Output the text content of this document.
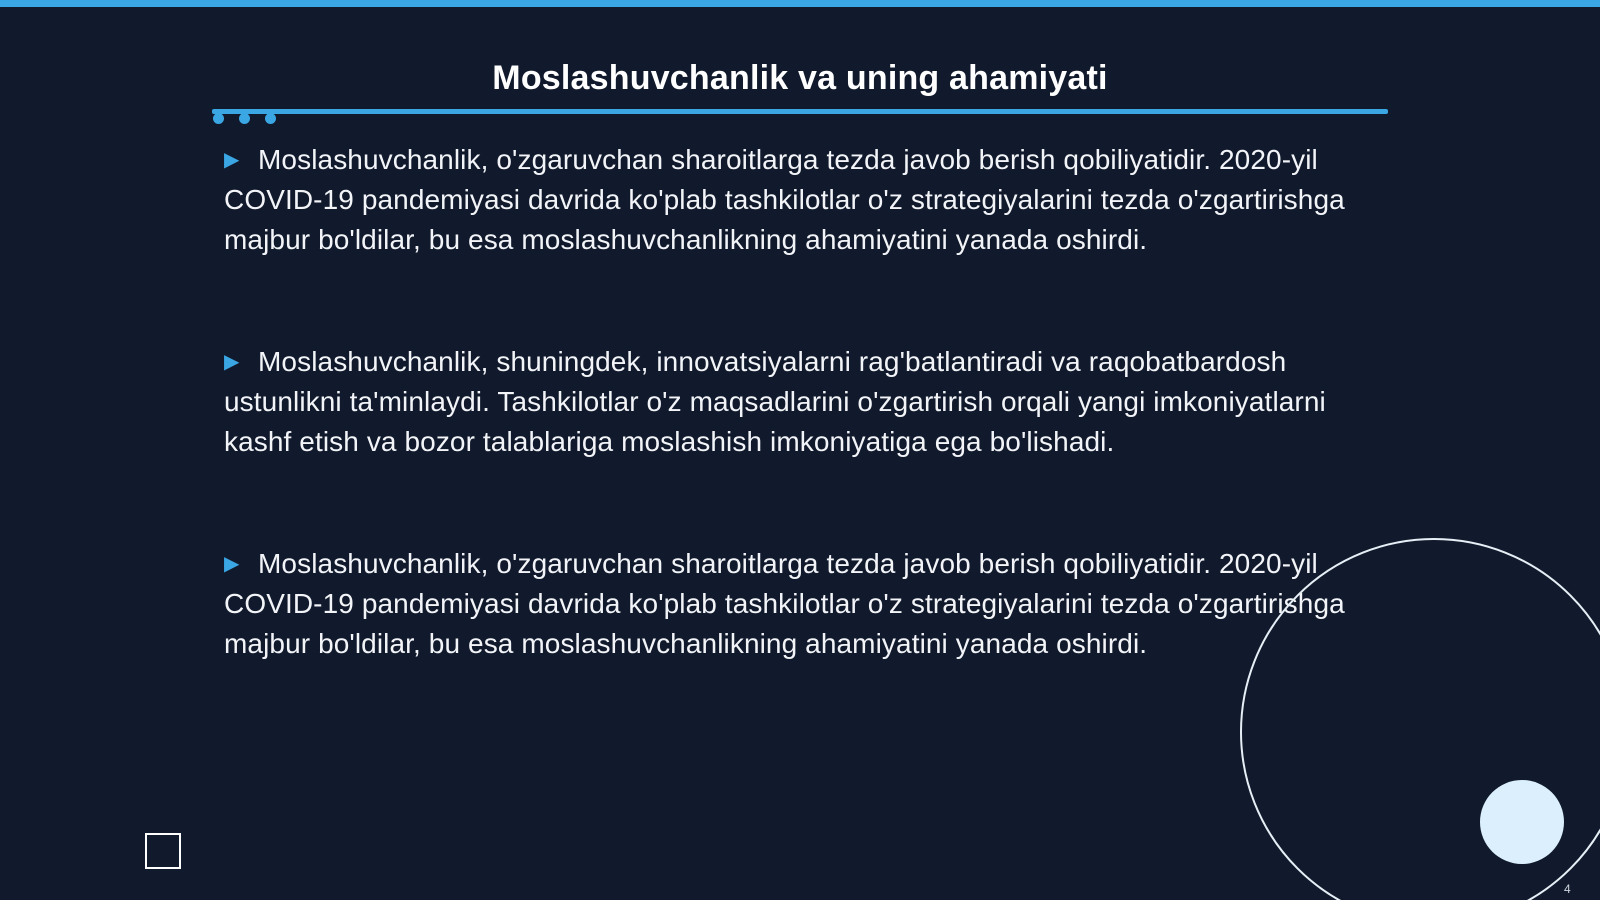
Moslashuvchanlik va uning ahamiyati

▶ Moslashuvchanlik, o'zgaruvchan sharoitlarga tezda javob berish qobiliyatidir. 2020-yil COVID-19 pandemiyasi davrida ko'plab tashkilotlar o'z strategiyalarini tezda o'zgartirishga majbur bo'ldilar, bu esa moslashuvchanlikning ahamiyatini yanada oshirdi.

▶ Moslashuvchanlik, shuningdek, innovatsiyalarni rag'batlantiradi va raqobatbardosh ustunlikni ta'minlaydi. Tashkilotlar o'z maqsadlarini o'zgartirish orqali yangi imkoniyatlarni kashf etish va bozor talablariga moslashish imkoniyatiga ega bo'lishadi.

▶ Moslashuvchanlik, o'zgaruvchan sharoitlarga tezda javob berish qobiliyatidir. 2020-yil COVID-19 pandemiyasi davrida ko'plab tashkilotlar o'z strategiyalarini tezda o'zgartirishga majbur bo'ldilar, bu esa moslashuvchanlikning ahamiyatini yanada oshirdi.

4
